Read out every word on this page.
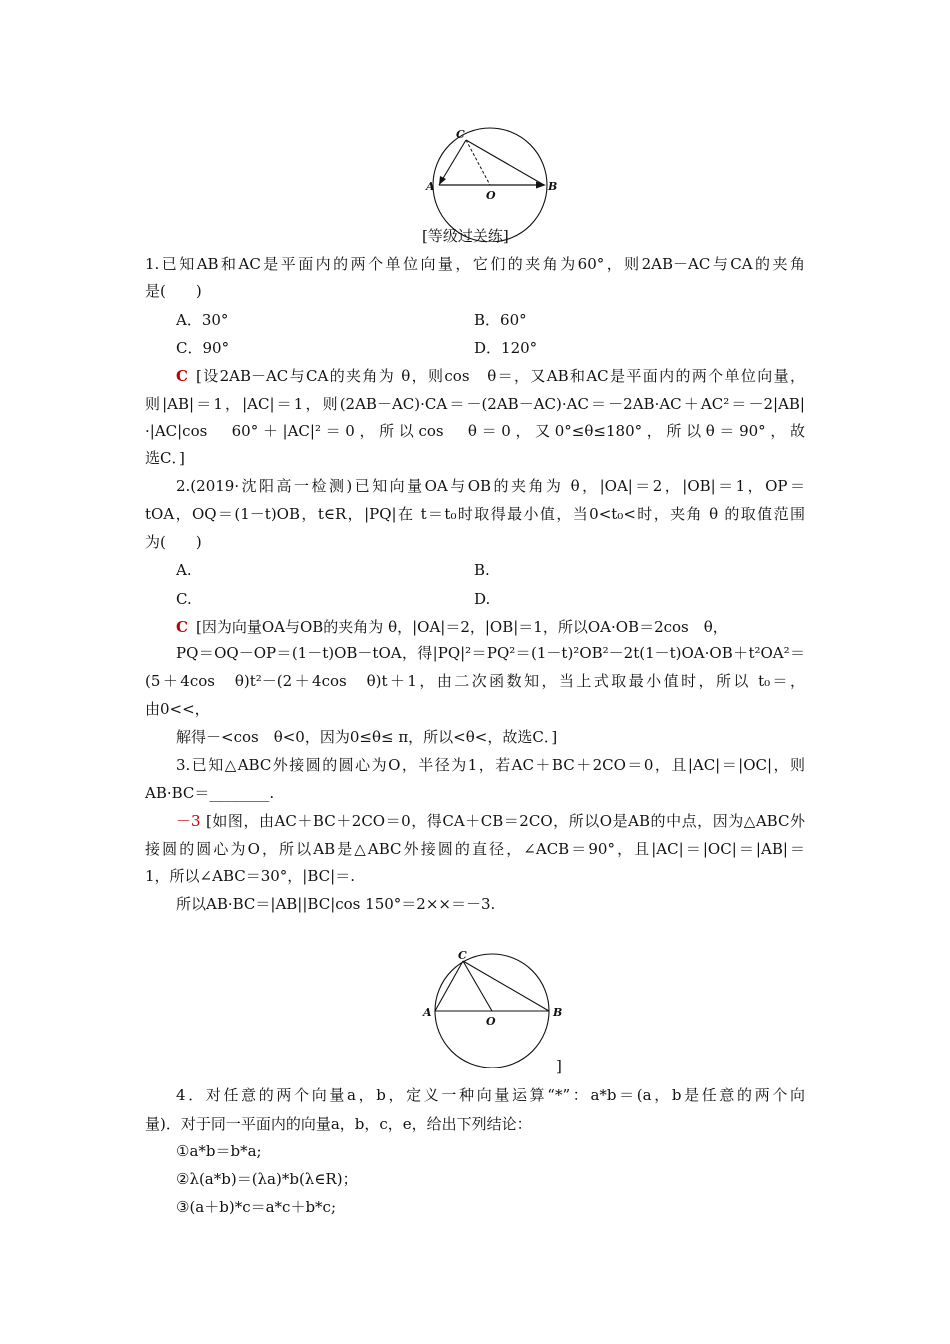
C
A
O
B
[等级过关练]
1.已知AB和AC是平面内的两个单位向量，它们的夹角为60°，则2AB－AC与CA的夹角
是(　　)
A．30°	B．60°
C．90°	D．120°
C [设2AB－AC与CA的夹角为 θ，则cos　θ＝，又AB和AC是平面内的两个单位向量，
则|AB|＝1，|AC|＝1，则(2AB－AC)·CA＝－(2AB－AC)·AC＝－2AB·AC＋AC²＝－2|AB|
·|AC|cos　60°＋|AC|²＝0，所以cos　θ＝0，又0°≤θ≤180°，所以θ＝90°，故
选C．]
2.(2019·沈阳高一检测)已知向量OA与OB的夹角为 θ，|OA|＝2，|OB|＝1，OP＝
tOA，OQ＝(1－t)OB，t∈R，|PQ|在 t＝t₀时取得最小值，当0<t₀<时，夹角 θ 的取值范围
为(　　)
A.	B.
C.	D.
C [因为向量OA与OB的夹角为 θ，|OA|＝2，|OB|＝1，所以OA·OB＝2cos　θ，
PQ＝OQ－OP＝(1－t)OB－tOA，得|PQ|²＝PQ²＝(1－t)²OB²－2t(1－t)OA·OB＋t²OA²＝
(5＋4cos　θ)t²－(2＋4cos　θ)t＋1，由二次函数知，当上式取最小值时，所以 t₀＝，
由0<<，
解得－<cos　θ<0，因为0≤θ≤ π，所以<θ<，故选C．]
3.已知△ABC外接圆的圆心为O，半径为1，若AC＋BC＋2CO＝0，且|AC|＝|OC|，则
AB·BC＝________.
－3 [如图，由AC＋BC＋2CO＝0，得CA＋CB＝2CO，所以O是AB的中点，因为△ABC外
接圆的圆心为O，所以AB是△ABC外接圆的直径，∠ACB＝90°，且|AC|＝|OC|＝|AB|＝
1，所以∠ABC＝30°，|BC|＝.
所以AB·BC＝|AB||BC|cos 150°＝2××＝－3.
C
A
O
B
]
4．对任意的两个向量a，b，定义一种向量运算“*”：a*b＝(a，b是任意的两个向
量)．对于同一平面内的向量a，b，c，e，给出下列结论：
①a*b＝b*a;
②λ(a*b)＝(λa)*b(λ∈R)；
③(a＋b)*c＝a*c＋b*c;
